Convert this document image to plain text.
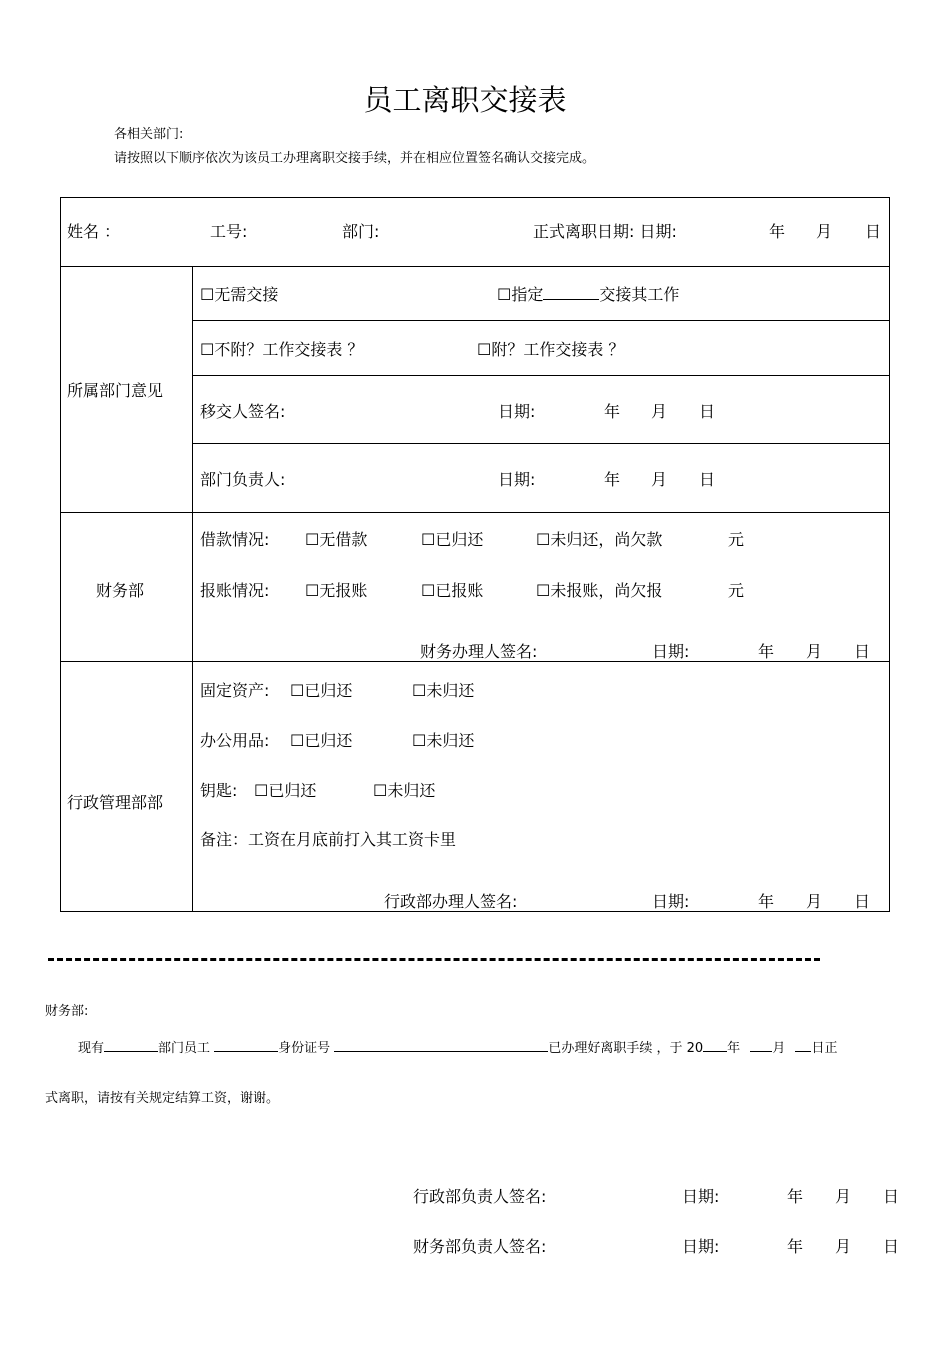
员工离职交接表
各相关部门:
请按照以下顺序依次为该员工办理离职交接手续，并在相应位置签名确认交接完成。
姓名 ：	工号:	部门:	正式离职日期: 日期:	年 月 日
所属部门意见
☐无需交接	☐指定	交接其工作
☐不附？工作交接表 ？	☐附？工作交接表 ？
移交人签名:	日期:	年 月 日
部门负责人:	日期:	年 月 日
财务部
借款情况: ☐无借款	☐已归还	☐未归还，尚欠款	元
报账情况: ☐无报账	☐已报账	☐未报账，尚欠报	元
财务办理人签名:	日期:	年 月 日
行政管理部部
固定资产: ☐已归还	☐未归还
办公用品: ☐已归还	☐未归还
钥匙: ☐已归还	☐未归还
备注：工资在月底前打入其工资卡里
行政部办理人签名:	日期:	年 月 日
财务部:
现有	部门员工	身份证号	已办理好离职手续 ，于 20 年 月 日正
式离职，请按有关规定结算工资，谢谢。
行政部负责人签名:	日期:	年 月 日
财务部负责人签名:	日期:	年 月 日
